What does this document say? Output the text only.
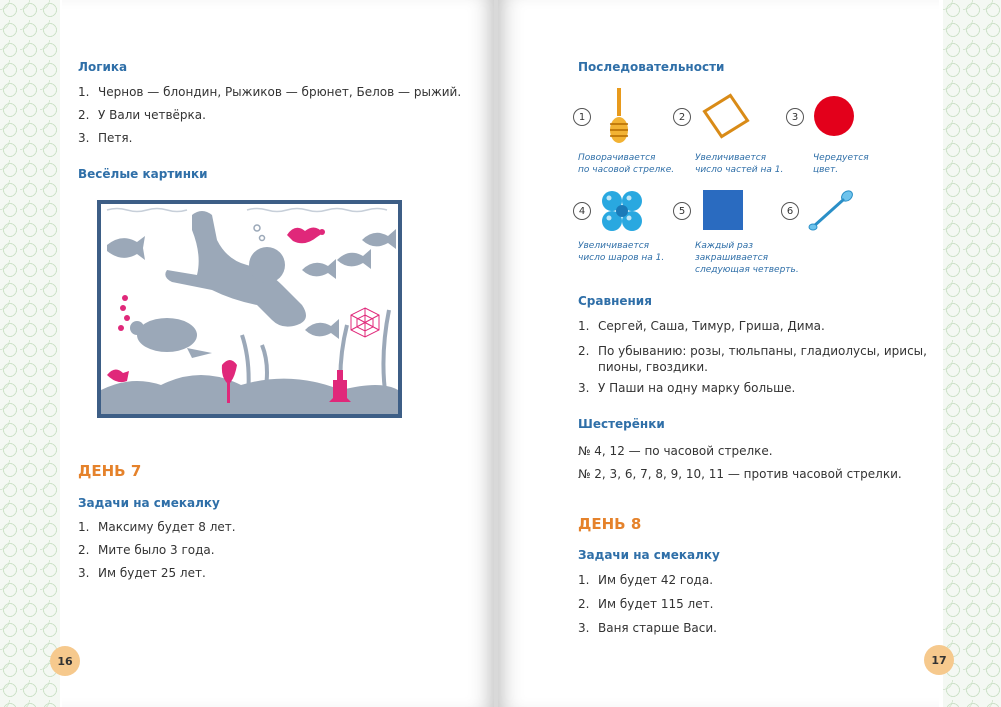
Логика
1. Чернов — блондин, Рыжиков — брюнет, Белов — рыжий.
2. У Вали четвёрка.
3. Петя.
Весёлые картинки
ДЕНЬ 7
Задачи на смекалку
1. Максиму будет 8 лет.
2. Мите было 3 года.
3. Им будет 25 лет.
16
Последовательности
1
Поворачивается
по часовой стрелке.
2
Увеличивается
число частей на 1.
3
Чередуется
цвет.
4
Увеличивается
число шаров на 1.
5
Каждый раз
закрашивается
следующая четверть.
6
Сравнения
1. Сергей, Саша, Тимур, Гриша, Дима.
2. По убыванию: розы, тюльпаны, гладиолусы, ирисы,
пионы, гвоздики.
3. У Паши на одну марку больше.
Шестерёнки
№ 4, 12 — по часовой стрелке.
№ 2, 3, 6, 7, 8, 9, 10, 11 — против часовой стрелки.
ДЕНЬ 8
Задачи на смекалку
1. Им будет 42 года.
2. Им будет 115 лет.
3. Ваня старше Васи.
17
